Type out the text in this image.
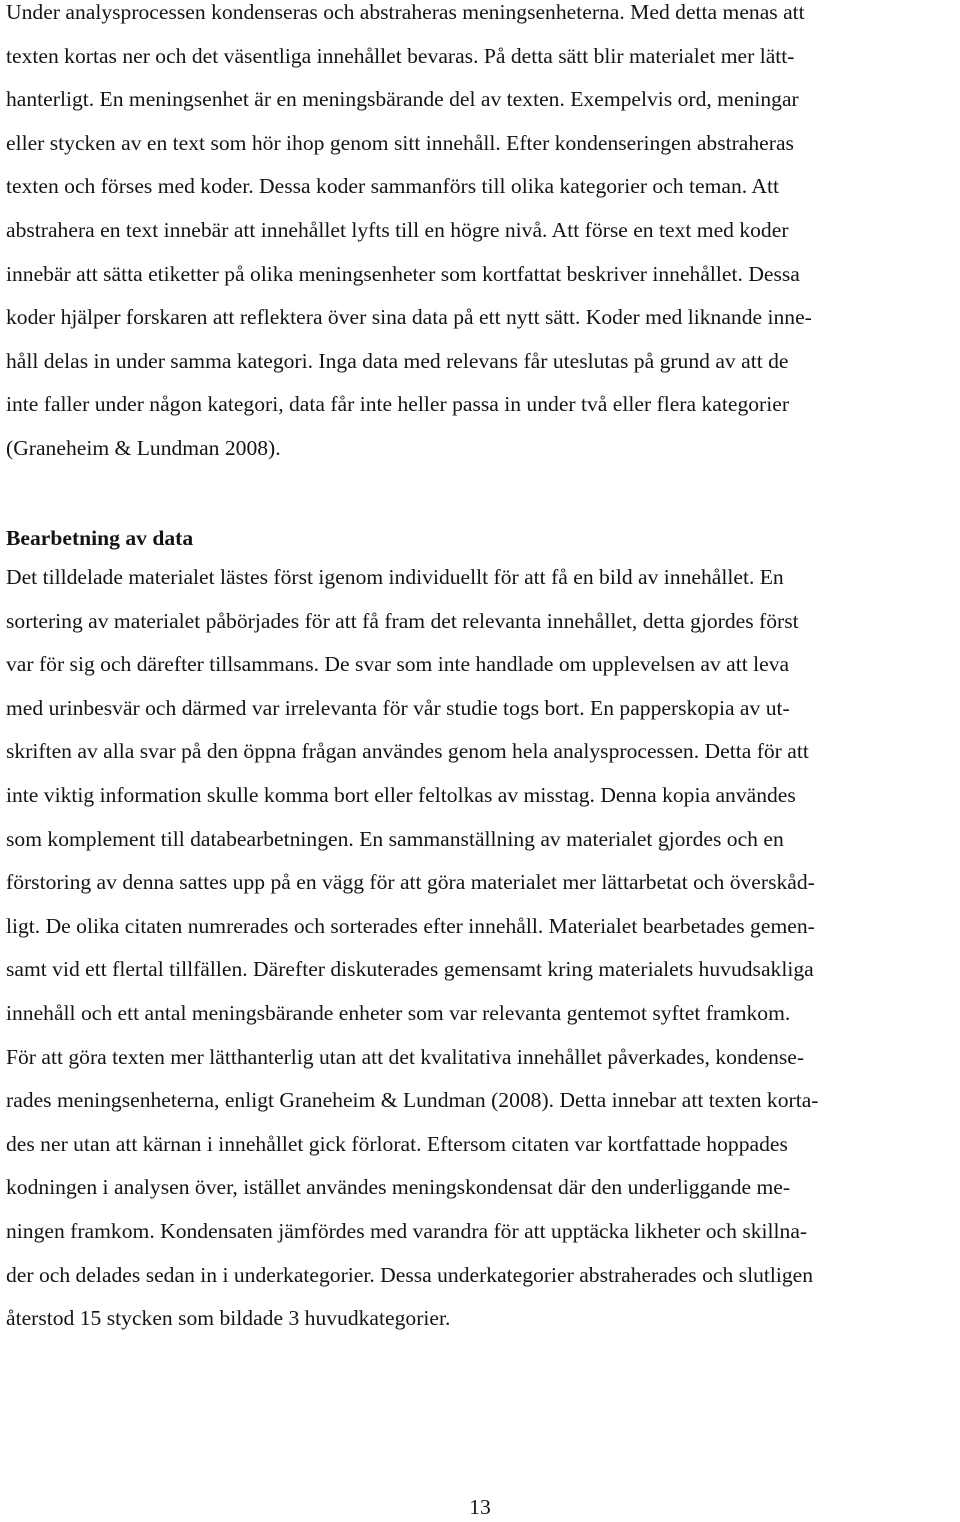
Under analysprocessen kondenseras och abstraheras meningsenheterna. Med detta menas att
texten kortas ner och det väsentliga innehållet bevaras. På detta sätt blir materialet mer lätt-
hanterligt. En meningsenhet är en meningsbärande del av texten. Exempelvis ord, meningar
eller stycken av en text som hör ihop genom sitt innehåll. Efter kondenseringen abstraheras
texten och förses med koder. Dessa koder sammanförs till olika kategorier och teman. Att
abstrahera en text innebär att innehållet lyfts till en högre nivå. Att förse en text med koder
innebär att sätta etiketter på olika meningsenheter som kortfattat beskriver innehållet. Dessa
koder hjälper forskaren att reflektera över sina data på ett nytt sätt. Koder med liknande inne-
håll delas in under samma kategori. Inga data med relevans får uteslutas på grund av att de
inte faller under någon kategori, data får inte heller passa in under två eller flera kategorier
(Graneheim & Lundman 2008).
Bearbetning av data
Det tilldelade materialet lästes först igenom individuellt för att få en bild av innehållet. En
sortering av materialet påbörjades för att få fram det relevanta innehållet, detta gjordes först
var för sig och därefter tillsammans. De svar som inte handlade om upplevelsen av att leva
med urinbesvär och därmed var irrelevanta för vår studie togs bort. En papperskopia av ut-
skriften av alla svar på den öppna frågan användes genom hela analysprocessen. Detta för att
inte viktig information skulle komma bort eller feltolkas av misstag. Denna kopia användes
som komplement till databearbetningen. En sammanställning av materialet gjordes och en
förstoring av denna sattes upp på en vägg för att göra materialet mer lättarbetat och överskåd-
ligt. De olika citaten numrerades och sorterades efter innehåll. Materialet bearbetades gemen-
samt vid ett flertal tillfällen. Därefter diskuterades gemensamt kring materialets huvudsakliga
innehåll och ett antal meningsbärande enheter som var relevanta gentemot syftet framkom.
För att göra texten mer lätthanterlig utan att det kvalitativa innehållet påverkades, kondense-
rades meningsenheterna, enligt Graneheim & Lundman (2008). Detta innebar att texten korta-
des ner utan att kärnan i innehållet gick förlorat. Eftersom citaten var kortfattade hoppades
kodningen i analysen över, istället användes meningskondensat där den underliggande me-
ningen framkom. Kondensaten jämfördes med varandra för att upptäcka likheter och skillna-
der och delades sedan in i underkategorier. Dessa underkategorier abstraherades och slutligen
återstod 15 stycken som bildade 3 huvudkategorier.
13
